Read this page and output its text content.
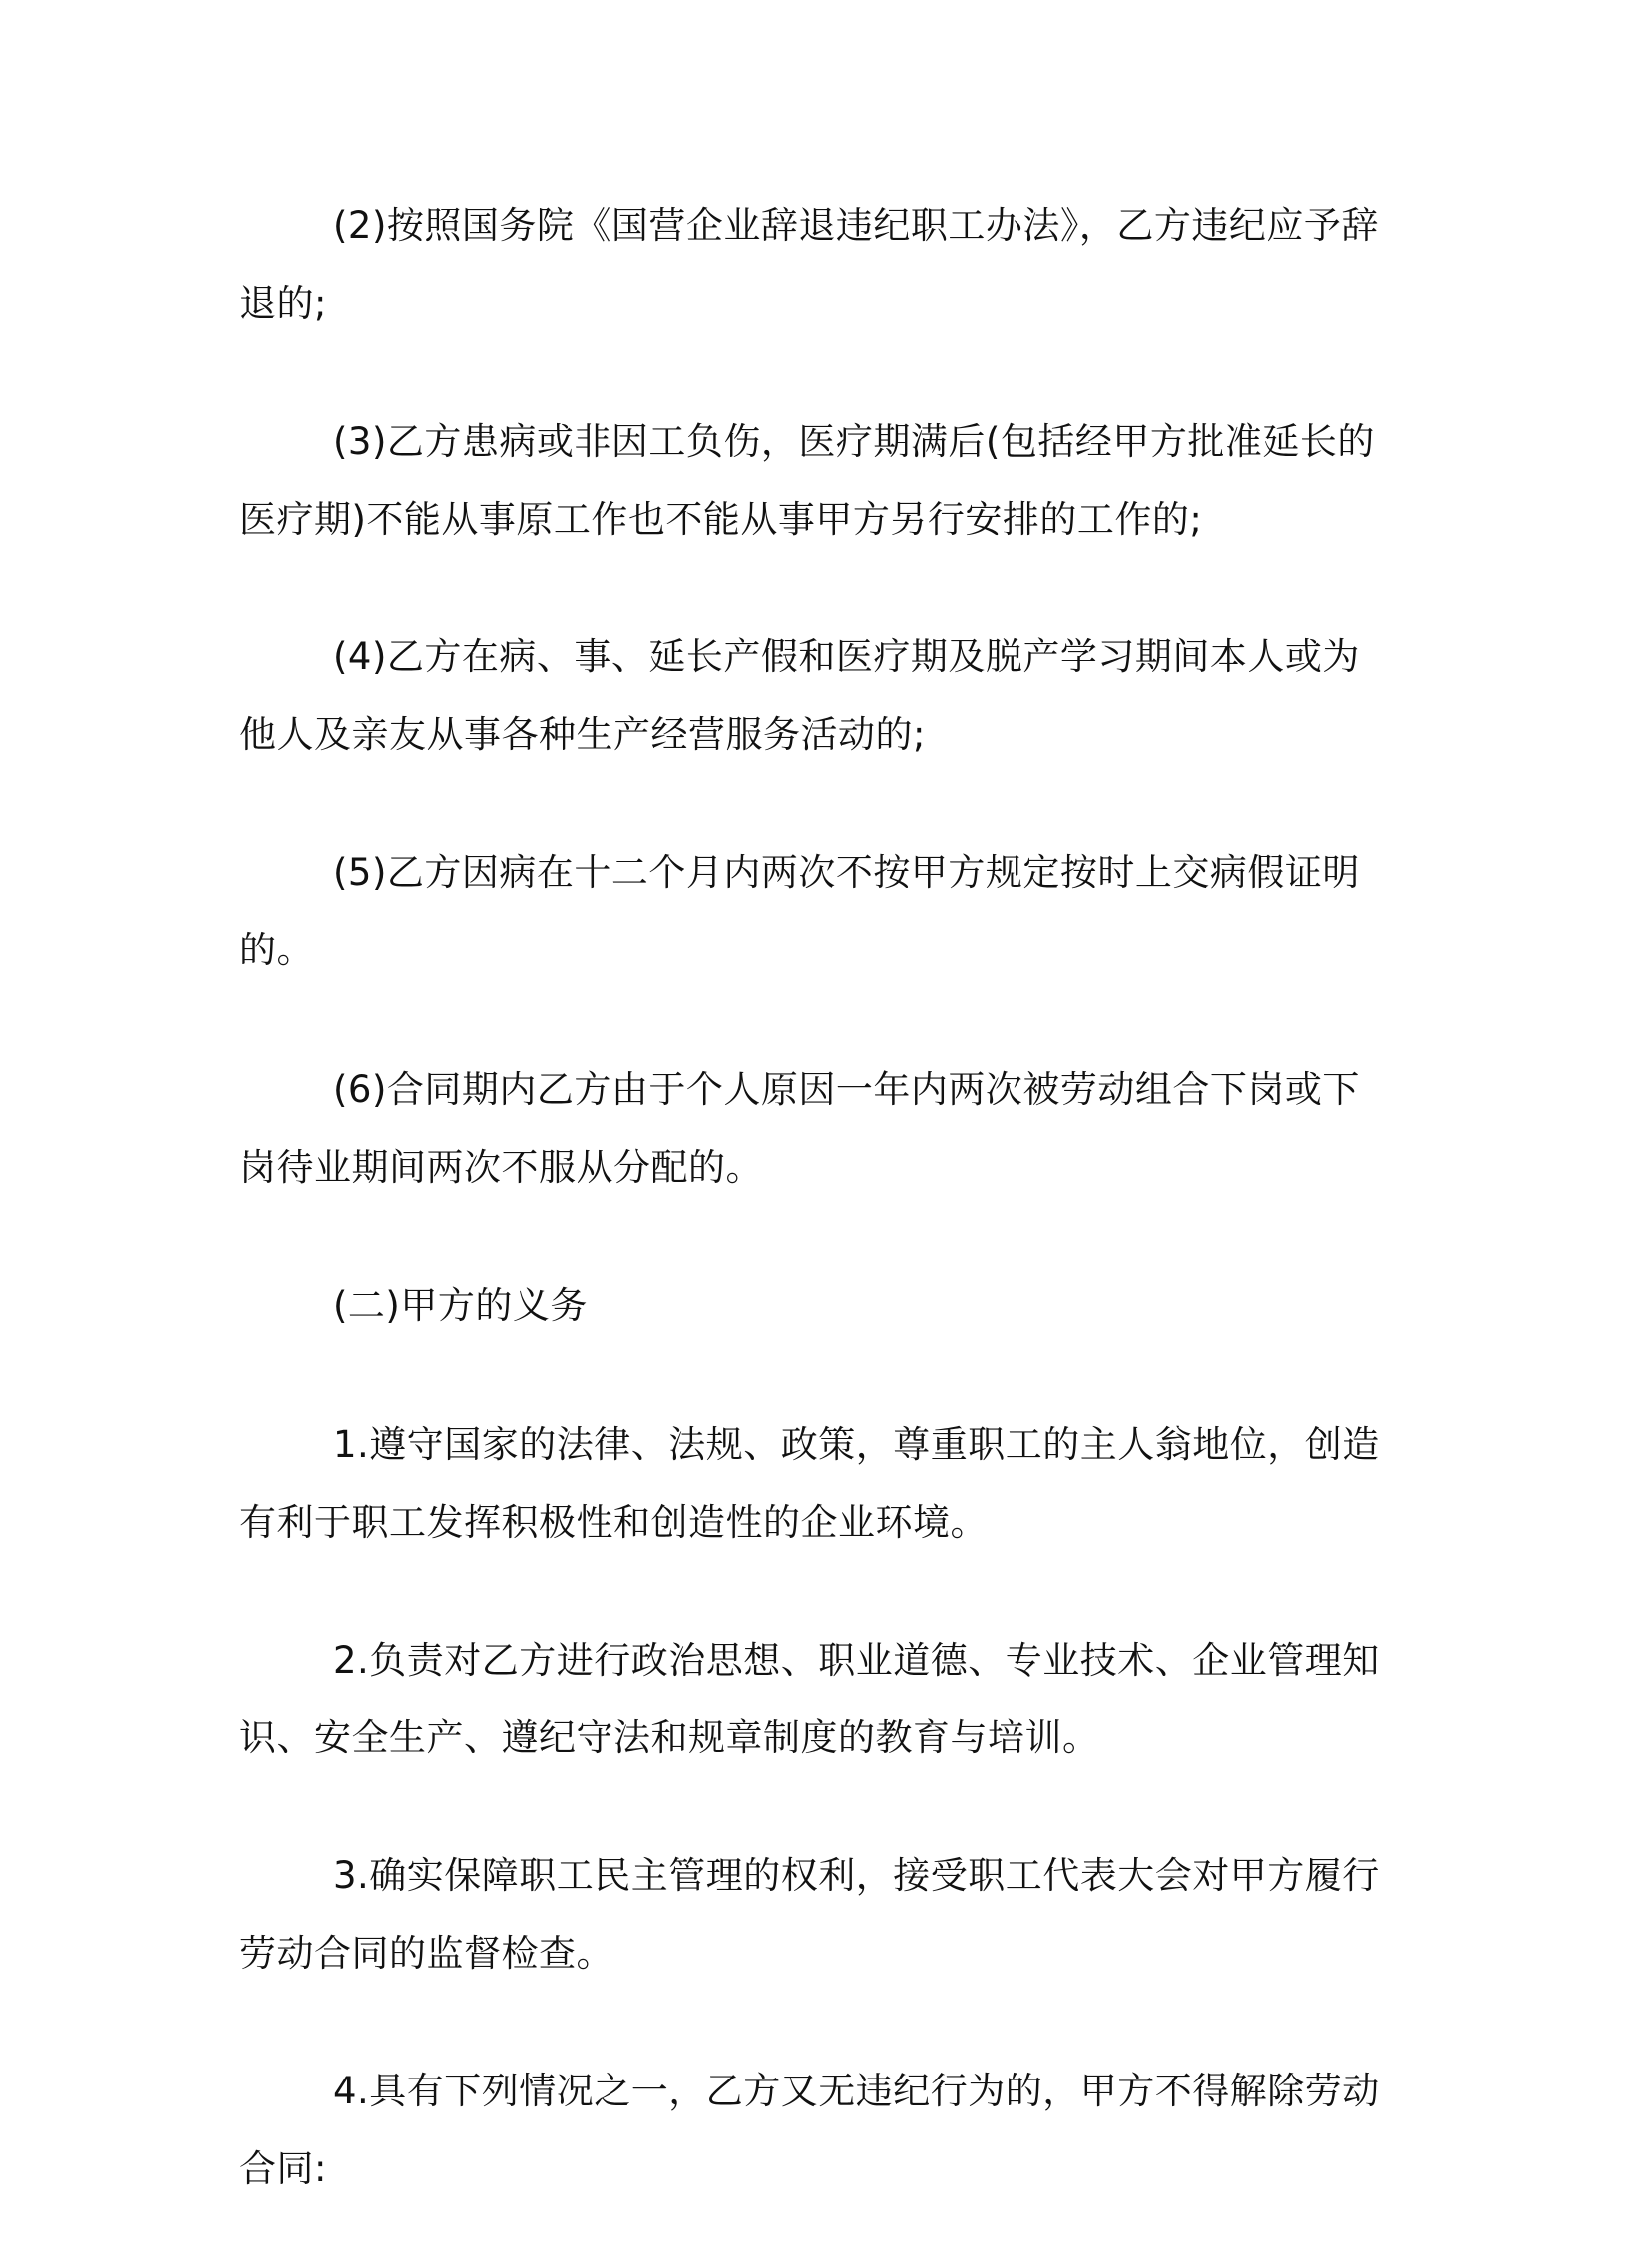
(2)按照国务院《国营企业辞退违纪职工办法》，乙方违纪应予辞退的;

(3)乙方患病或非因工负伤，医疗期满后(包括经甲方批准延长的医疗期)不能从事原工作也不能从事甲方另行安排的工作的;

(4)乙方在病、事、延长产假和医疗期及脱产学习期间本人或为他人及亲友从事各种生产经营服务活动的;

(5)乙方因病在十二个月内两次不按甲方规定按时上交病假证明的。

(6)合同期内乙方由于个人原因一年内两次被劳动组合下岗或下岗待业期间两次不服从分配的。

(二)甲方的义务

1.遵守国家的法律、法规、政策，尊重职工的主人翁地位，创造有利于职工发挥积极性和创造性的企业环境。

2.负责对乙方进行政治思想、职业道德、专业技术、企业管理知识、安全生产、遵纪守法和规章制度的教育与培训。

3.确实保障职工民主管理的权利，接受职工代表大会对甲方履行劳动合同的监督检查。

4.具有下列情况之一，乙方又无违纪行为的，甲方不得解除劳动合同:
